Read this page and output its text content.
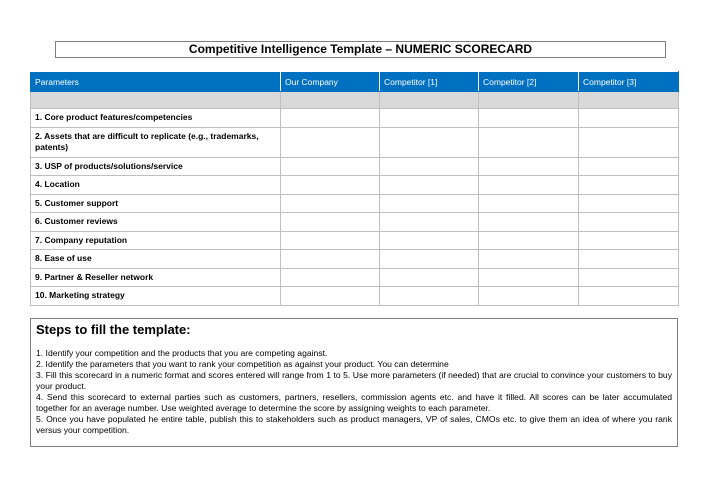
Competitive Intelligence Template – NUMERIC SCORECARD
Parameters	Our Company	Competitor [1]	Competitor [2]	Competitor [3]

1. Core product features/competencies				
2. Assets that are difficult to replicate (e.g., trademarks, patents)				
3. USP of products/solutions/service				
4. Location				
5. Customer support				
6. Customer reviews				
7. Company reputation				
8. Ease of use				
9. Partner & Reseller network				
10. Marketing strategy				
Steps to fill the template:

1. Identify your competition and the products that you are competing against.

2. Identify the parameters that you want to rank your competition as against your product. You can determine

3. Fill this scorecard in a numeric format and scores entered will range from 1 to 5. Use more parameters (if needed) that are crucial to convince your customers to buy your product.

4. Send this scorecard to external parties such as customers, partners, resellers, commission agents etc. and have it filled. All scores can be later accumulated together for an average number. Use weighted average to determine the score by assigning weights to each parameter.

5. Once you have populated he entire table, publish this to stakeholders such as product managers, VP of sales, CMOs etc. to give them an idea of where you rank versus your competition.
